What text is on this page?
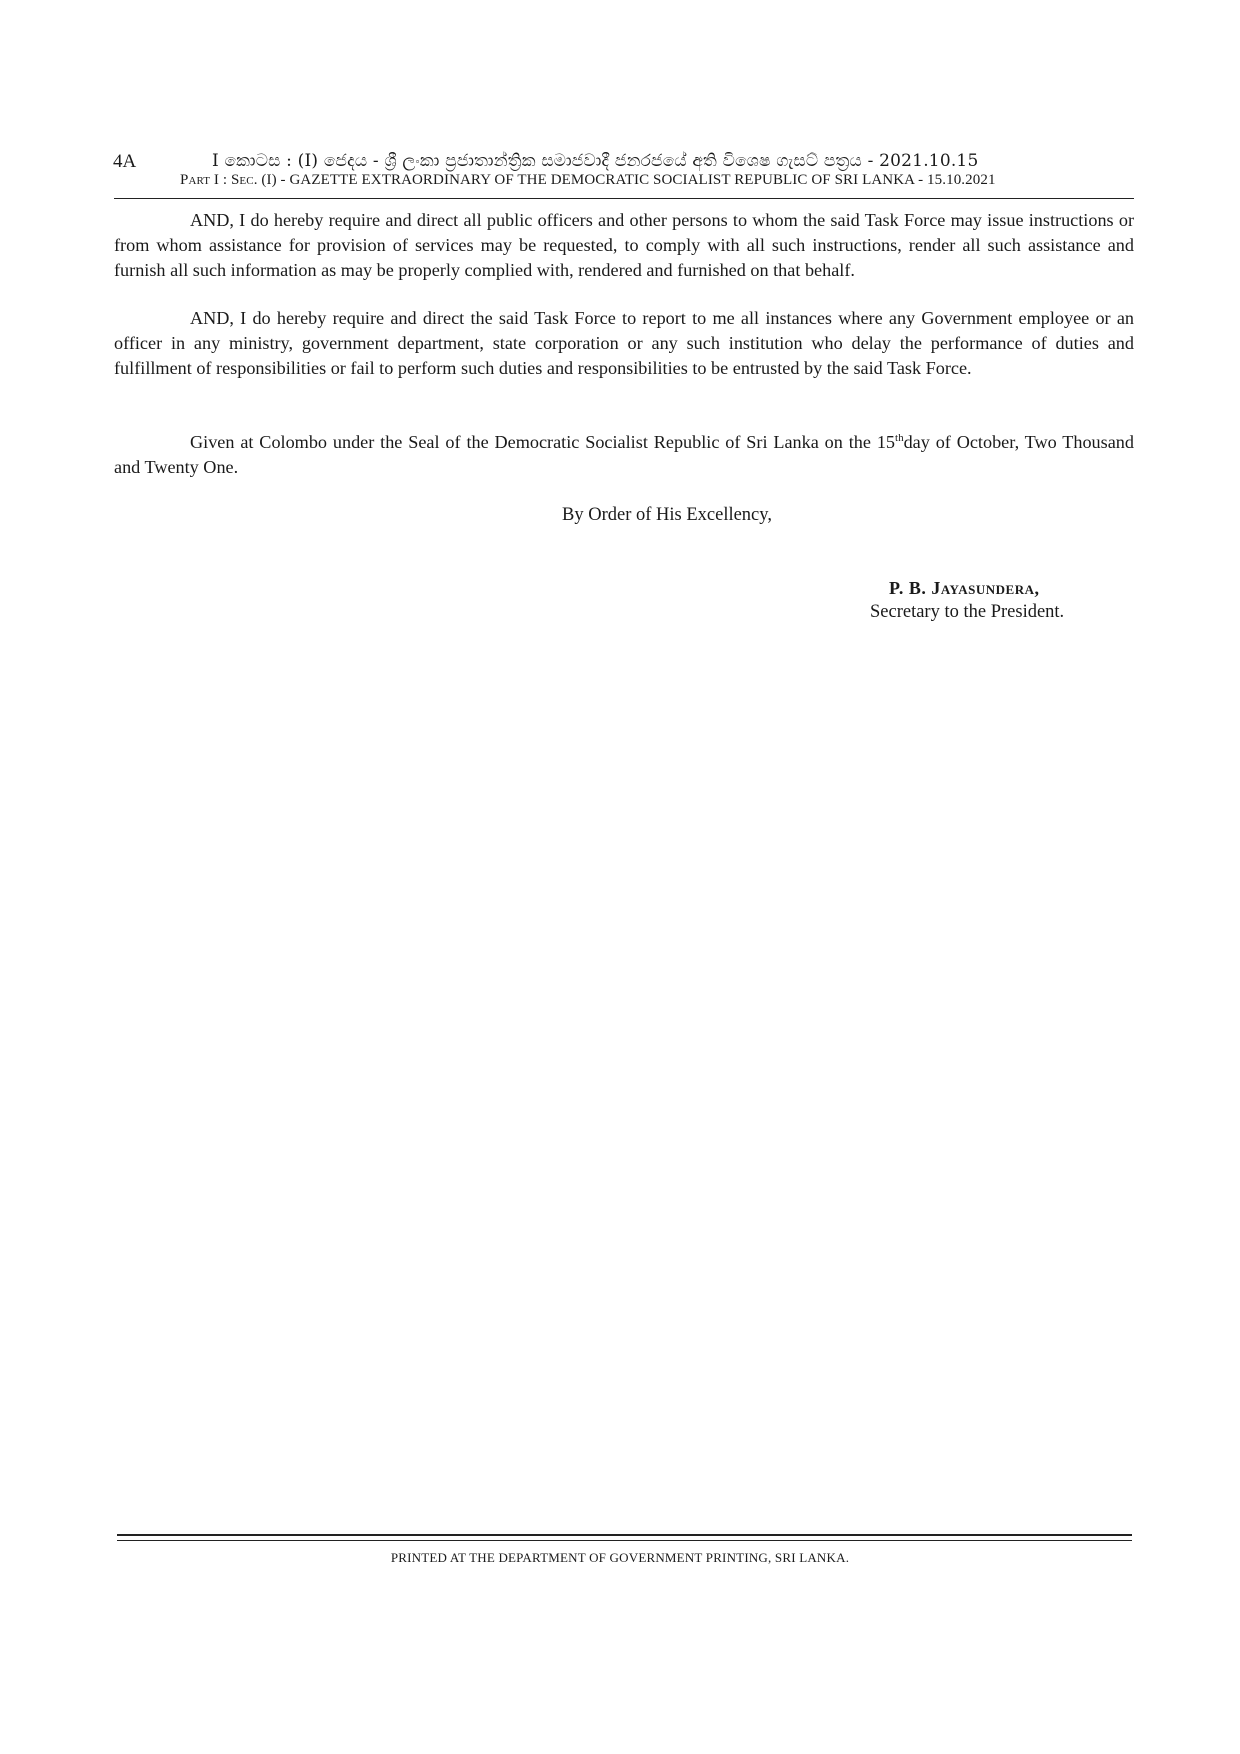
4A	I කොටස : (I) ජෙදය - ශ්‍රී ලංකා ප්‍රජාතාන්ත්‍රික සමාජවාදී ජනරජයේ අති විශෙෂ ගැසට් පත්‍රය - 2021.10.15
Part I : Sec. (I) - GAZETTE EXTRAORDINARY OF THE DEMOCRATIC SOCIALIST REPUBLIC OF SRI LANKA - 15.10.2021

AND, I do hereby require and direct all public officers and other persons to whom the said Task Force may issue instructions or from whom assistance for provision of services may be requested, to comply with all such instructions, render all such assistance and furnish all such information as may be properly complied with, rendered and furnished on that behalf.

AND, I do hereby require and direct the said Task Force to report to me all instances where any Government employee or an officer in any ministry, government department, state corporation or any such institution who delay the performance of duties and fulfillment of responsibilities or fail to perform such duties and responsibilities to be entrusted by the said Task Force.

Given at Colombo under the Seal of the Democratic Socialist Republic of Sri Lanka on the 15thday of October, Two Thousand and Twenty One.

By Order of His Excellency,
P. B. Jayasundera,
Secretary to the President.
PRINTED AT THE DEPARTMENT OF GOVERNMENT PRINTING, SRI LANKA.
